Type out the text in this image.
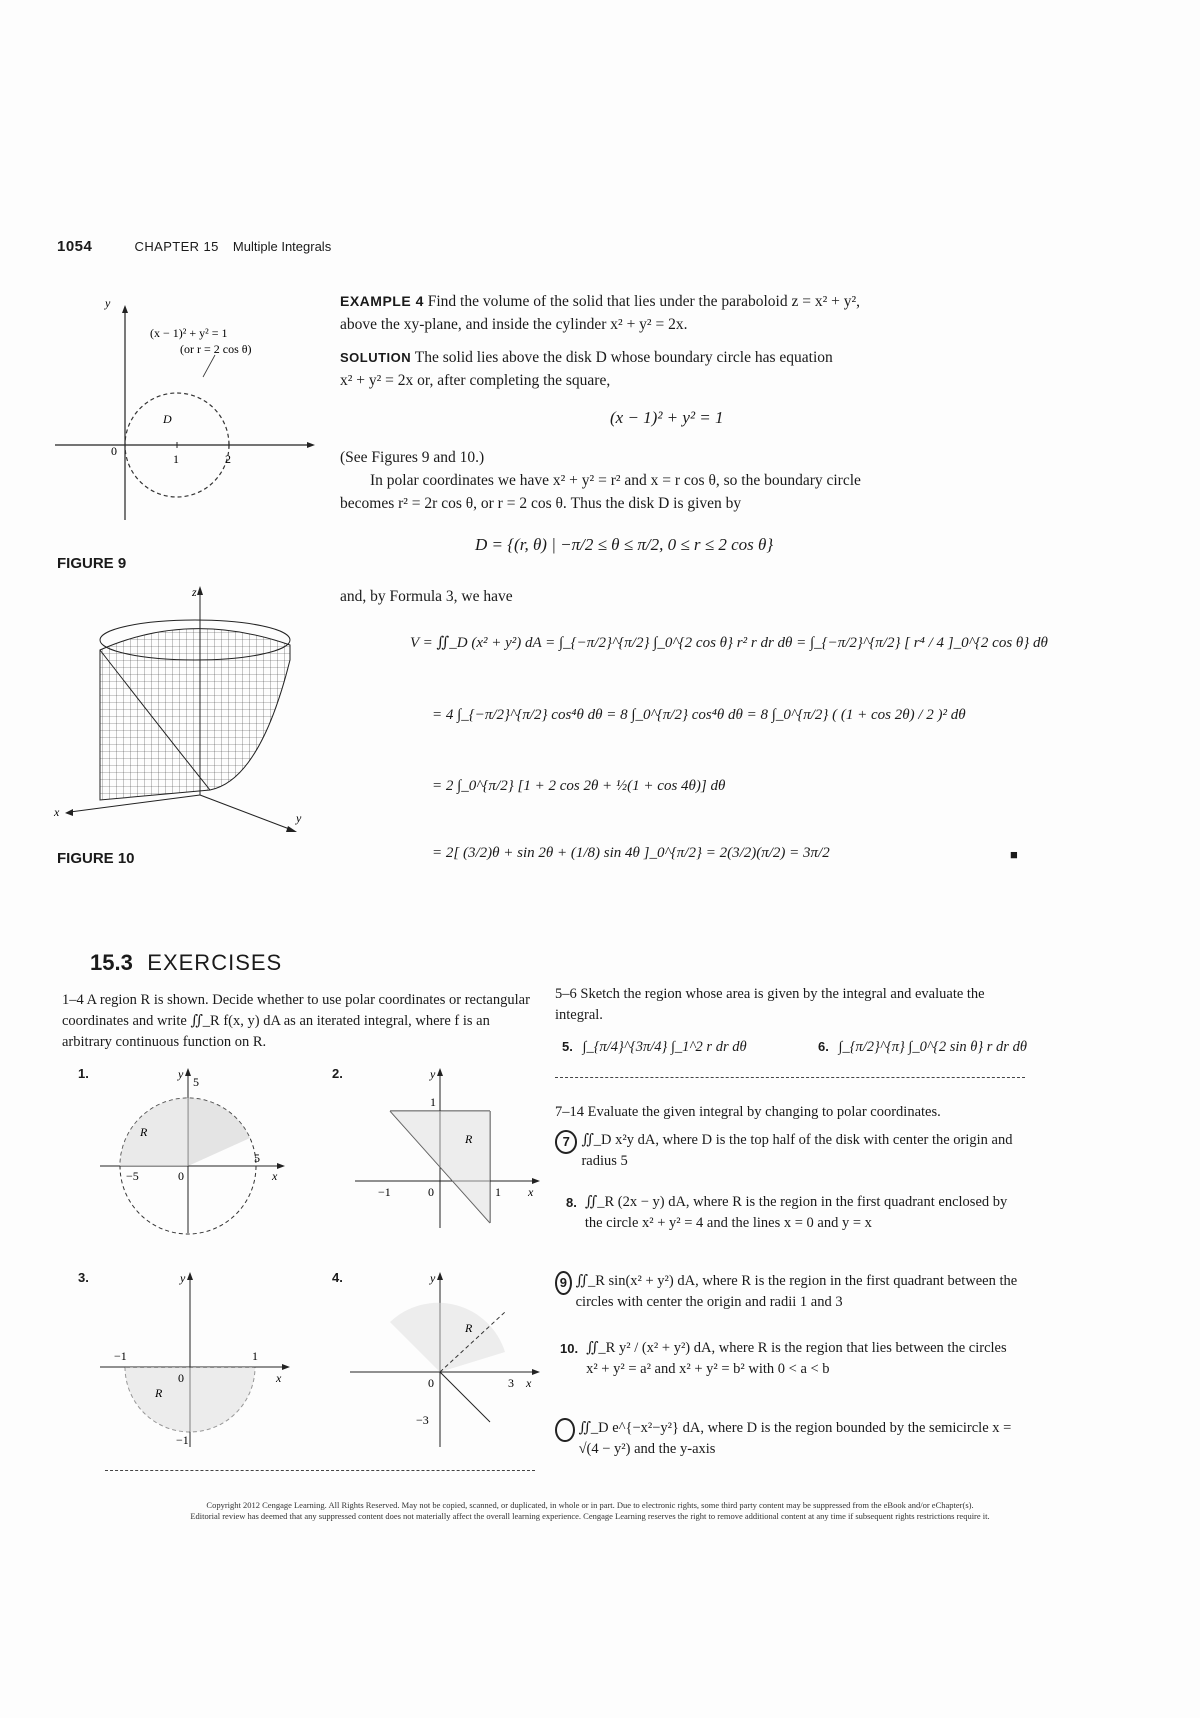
1054	CHAPTER 15 Multiple Integrals
y
0
1	2
D
(x − 1)² + y² = 1
(or r = 2 cos θ)
FIGURE 9
z
x	y
FIGURE 10
EXAMPLE 4 Find the volume of the solid that lies under the paraboloid z = x² + y²,
above the xy-plane, and inside the cylinder x² + y² = 2x.
SOLUTION The solid lies above the disk D whose boundary circle has equation
x² + y² = 2x or, after completing the square,
(x − 1)² + y² = 1
(See Figures 9 and 10.)
In polar coordinates we have x² + y² = r² and x = r cos θ, so the boundary circle
becomes r² = 2r cos θ, or r = 2 cos θ. Thus the disk D is given by
D = {(r, θ) | −π/2 ≤ θ ≤ π/2, 0 ≤ r ≤ 2 cos θ}
and, by Formula 3, we have
V = ∬_D (x² + y²) dA = ∫_{−π/2}^{π/2} ∫_0^{2 cos θ} r² r dr dθ = ∫_{−π/2}^{π/2} [ r⁴ / 4 ]_0^{2 cos θ} dθ
= 4 ∫_{−π/2}^{π/2} cos⁴θ dθ = 8 ∫_0^{π/2} cos⁴θ dθ = 8 ∫_0^{π/2} ( (1 + cos 2θ) / 2 )² dθ
= 2 ∫_0^{π/2} [1 + 2 cos 2θ + ½(1 + cos 4θ)] dθ
= 2[ (3/2)θ + sin 2θ + (1/8) sin 4θ ]_0^{π/2} = 2(3/2)(π/2) = 3π/2	■
15.3 EXERCISES
1–4 A region R is shown. Decide whether to use polar coordinates or rectangular coordinates and write ∬_R f(x, y) dA as an iterated integral, where f is an arbitrary continuous function on R.
1.	y
5
R
0
5
x
−5
2.	y
1
R
−1	0	1 x
3.	y
−1
0
1
x
R
−1
4.	y
R
0	3 x
−3
5–6 Sketch the region whose area is given by the integral and evaluate the integral.
5. ∫_{π/4}^{3π/4} ∫_1^2 r dr dθ	6. ∫_{π/2}^{π} ∫_0^{2 sin θ} r dr dθ
7–14 Evaluate the given integral by changing to polar coordinates.
7 ∬_D x²y dA, where D is the top half of the disk with center the origin and radius 5
8. ∬_R (2x − y) dA, where R is the region in the first quadrant enclosed by the circle x² + y² = 4 and the lines x = 0 and y = x
9 ∬_R sin(x² + y²) dA, where R is the region in the first quadrant between the circles with center the origin and radii 1 and 3
10. ∬_R y² / (x² + y²) dA, where R is the region that lies between the circles x² + y² = a² and x² + y² = b² with 0 < a < b
∬_D e^{−x²−y²} dA, where D is the region bounded by the semicircle x = √(4 − y²) and the y-axis
Copyright 2012 Cengage Learning. All Rights Reserved. May not be copied, scanned, or duplicated, in whole or in part. Due to electronic rights, some third party content may be suppressed from the eBook and/or eChapter(s).
Editorial review has deemed that any suppressed content does not materially affect the overall learning experience. Cengage Learning reserves the right to remove additional content at any time if subsequent rights restrictions require it.
